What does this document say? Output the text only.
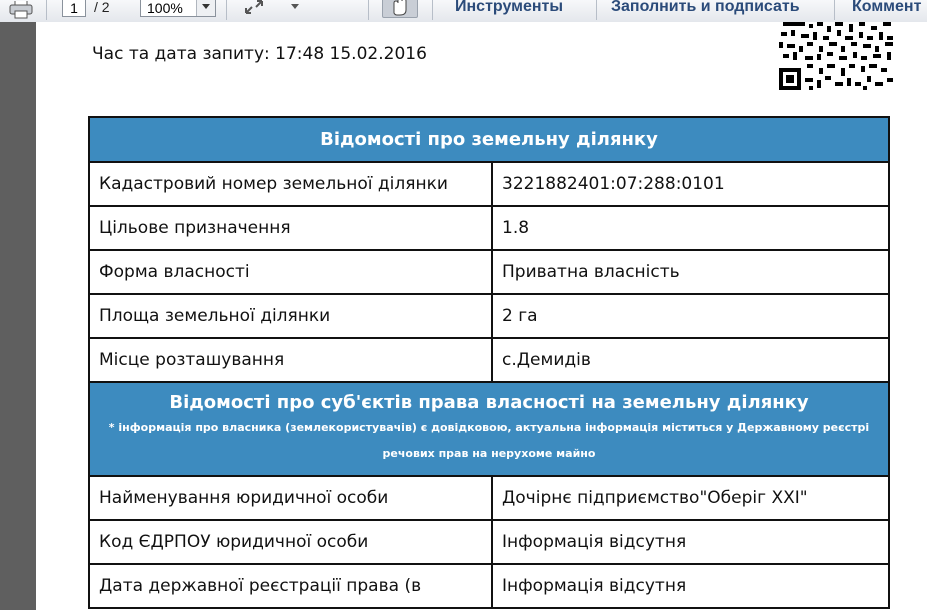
1	/ 2	100%	Инструменты	Заполнить и подписать	Коммент
Час та дата запиту: 17:48 15.02.2016
Відомості про земельну ділянку	
Кадастровий номер земельної ділянки	3221882401:07:288:0101
Цільове призначення	1.8
Форма власності	Приватна власність
Площа земельної ділянки	2 га
Місце розташування	с.Демидів

Відомості про суб'єктів права власності на земельну ділянку
* інформація про власника (землекористувачів) є довідковою, актуальна інформація міститься у Державному реєстрі речових прав на нерухоме майно	

Найменування юридичної особи	Дочірнє підприємство"Оберіг XXI"
Код ЄДРПОУ юридичної особи	Інформація відсутня
Дата державної реєстрації права (в	Інформація відсутня
